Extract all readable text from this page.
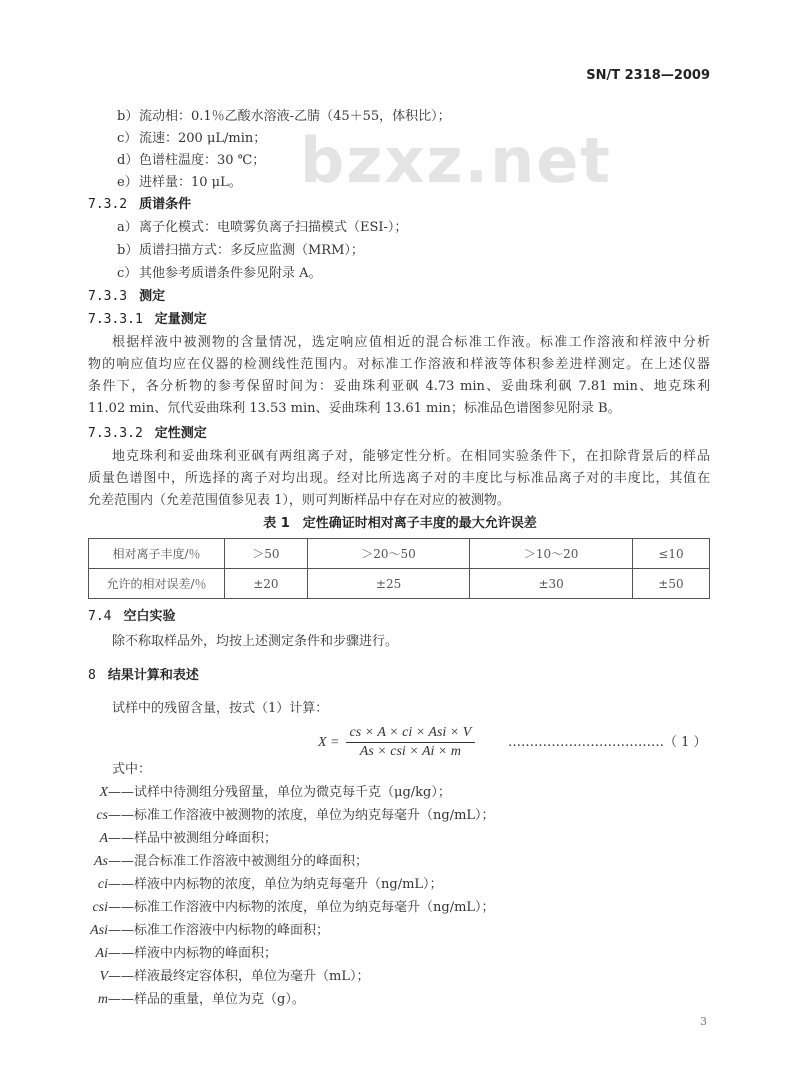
bzxz.net
SN/T 2318—2009
b）流动相：0.1％乙酸水溶液-乙腈（45＋55，体积比）；
c） 流速：200 μL/min；
d）色谱柱温度：30 ℃；
e）进样量：10 μL。
7.3.2 质谱条件
a）离子化模式：电喷雾负离子扫描模式（ESI-）；
b）质谱扫描方式：多反应监测（MRM）；
c） 其他参考质谱条件参见附录 A。
7.3.3 测定
7.3.3.1 定量测定
根据样液中被测物的含量情况，选定响应值相近的混合标准工作液。标准工作溶液和样液中分析
物的响应值均应在仪器的检测线性范围内。对标准工作溶液和样液等体积参差进样测定。在上述仪器
条件下，各分析物的参考保留时间为：妥曲珠利亚砜 4.73 min、妥曲珠利砜 7.81 min、地克珠利
11.02 min、氘代妥曲珠利 13.53 min、妥曲珠利 13.61 min；标准品色谱图参见附录 B。
7.3.3.2 定性测定
地克珠利和妥曲珠利亚砜有两组离子对，能够定性分析。在相同实验条件下，在扣除背景后的样品
质量色谱图中，所选择的离子对均出现。经对比所选离子对的丰度比与标准品离子对的丰度比，其值在
允差范围内（允差范围值参见表 1），则可判断样品中存在对应的被测物。
表 1　定性确证时相对离子丰度的最大允许误差
相对离子丰度/％	＞50	＞20～50	＞10～20	≤10
允许的相对误差/％	±20	±25	±30	±50
7.4 空白实验
除不称取样品外，均按上述测定条件和步骤进行。
8 结果计算和表述
试样中的残留含量，按式（1）计算：
$X = \frac{\text{cs × A × ci × Asi × V}}{\text{As × csi × Ai × m}}$	………………………………（ 1 ）
式中：
X——试样中待测组分残留量，单位为微克每千克（μg/kg）；
cs——标准工作溶液中被测物的浓度，单位为纳克每毫升（ng/mL）；
A——样品中被测组分峰面积；
As——混合标准工作溶液中被测组分的峰面积；
ci——样液中内标物的浓度，单位为纳克每毫升（ng/mL）；
csi——标准工作溶液中内标物的浓度，单位为纳克每毫升（ng/mL）；
Asi——标准工作溶液中内标物的峰面积；
Ai——样液中内标物的峰面积；
V——样液最终定容体积，单位为毫升（mL）；
m——样品的重量，单位为克（g）。
3
